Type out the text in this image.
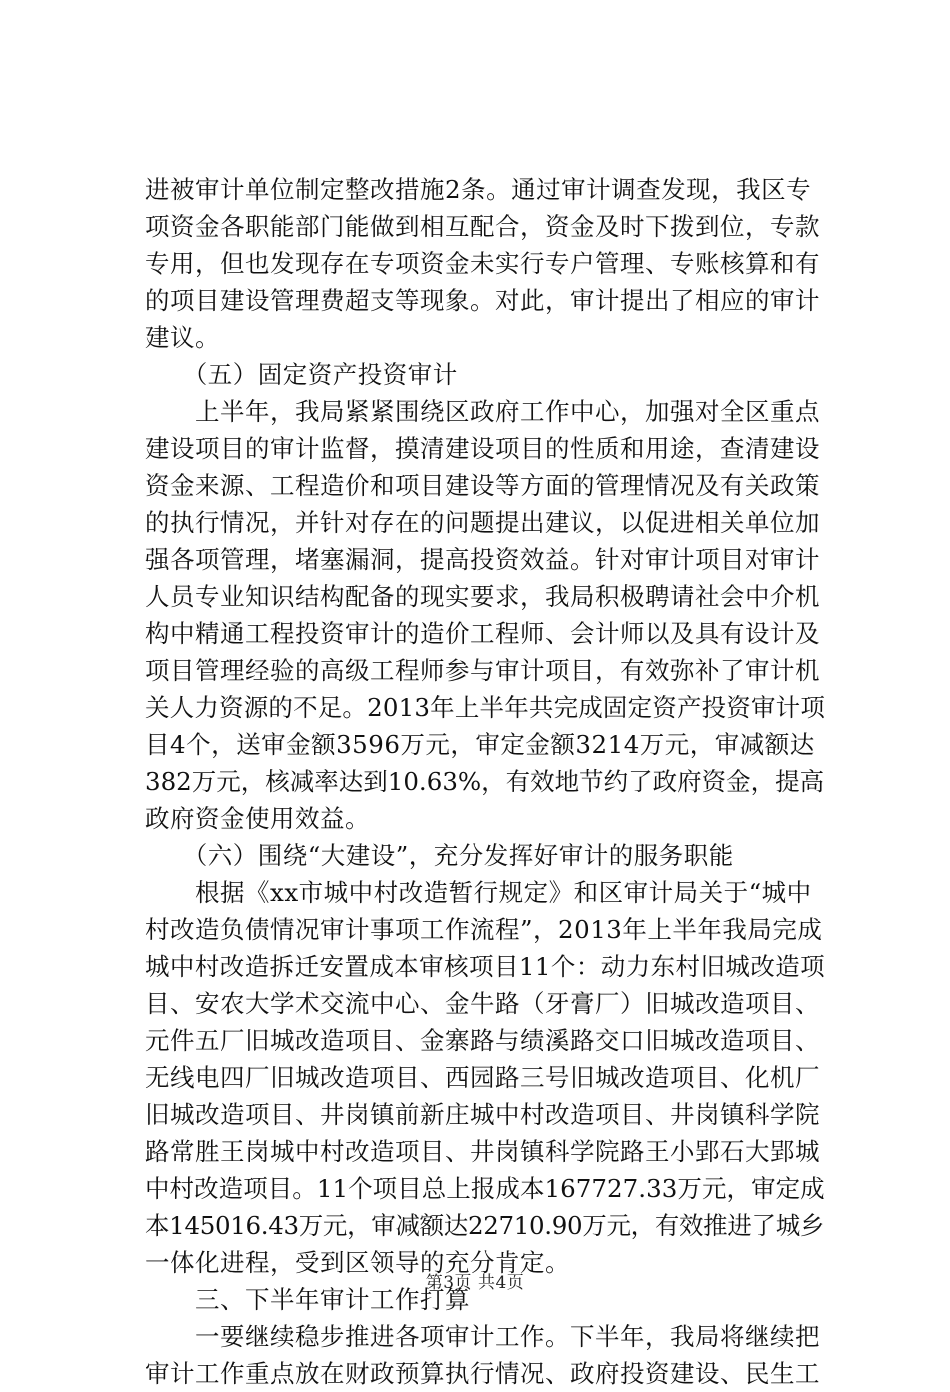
进被审计单位制定整改措施2条。通过审计调查发现，我区专
项资金各职能部门能做到相互配合，资金及时下拨到位，专款
专用，但也发现存在专项资金未实行专户管理、专账核算和有
的项目建设管理费超支等现象。对此，审计提出了相应的审计
建议。
　　（五）固定资产投资审计
　　上半年，我局紧紧围绕区政府工作中心，加强对全区重点
建设项目的审计监督，摸清建设项目的性质和用途，查清建设
资金来源、工程造价和项目建设等方面的管理情况及有关政策
的执行情况，并针对存在的问题提出建议，以促进相关单位加
强各项管理，堵塞漏洞，提高投资效益。针对审计项目对审计
人员专业知识结构配备的现实要求，我局积极聘请社会中介机
构中精通工程投资审计的造价工程师、会计师以及具有设计及
项目管理经验的高级工程师参与审计项目，有效弥补了审计机
关人力资源的不足。2013年上半年共完成固定资产投资审计项
目4个，送审金额3596万元，审定金额3214万元，审减额达
382万元，核减率达到10.63%，有效地节约了政府资金，提高
政府资金使用效益。
　　（六）围绕“大建设”，充分发挥好审计的服务职能
　　根据《xx市城中村改造暂行规定》和区审计局关于“城中
村改造负债情况审计事项工作流程”，2013年上半年我局完成
城中村改造拆迁安置成本审核项目11个：动力东村旧城改造项
目、安农大学术交流中心、金牛路（牙膏厂）旧城改造项目、
元件五厂旧城改造项目、金寨路与绩溪路交口旧城改造项目、
无线电四厂旧城改造项目、西园路三号旧城改造项目、化机厂
旧城改造项目、井岗镇前新庄城中村改造项目、井岗镇科学院
路常胜王岗城中村改造项目、井岗镇科学院路王小郢石大郢城
中村改造项目。11个项目总上报成本167727.33万元，审定成
本145016.43万元，审减额达22710.90万元，有效推进了城乡
一体化进程，受到区领导的充分肯定。
　　三、下半年审计工作打算
　　一要继续稳步推进各项审计工作。下半年，我局将继续把
审计工作重点放在财政预算执行情况、政府投资建设、民生工
第3页 共4页
